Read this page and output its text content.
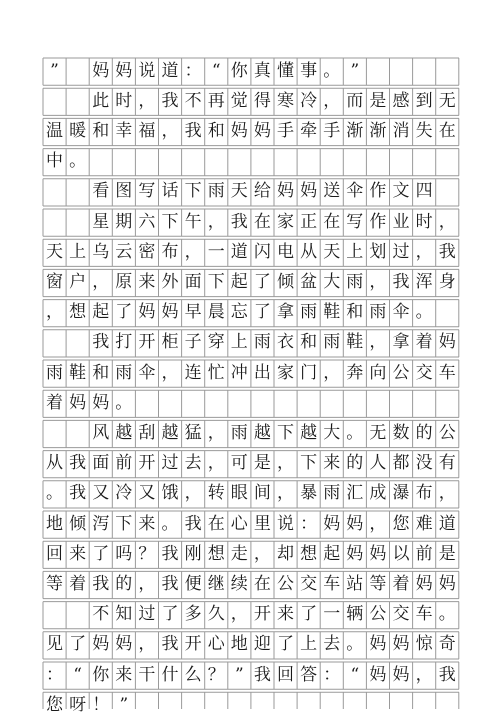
”	妈 妈 说 道 ： “ 你 真 懂 事 。 ”
此 时 ， 我 不 再 觉 得 寒 冷 ， 而 是 感 到 无
温 暖 和 幸 福 ， 我 和 妈 妈 手 牵 手 渐 渐 消 失 在
中 。
看 图 写 话 下 雨 天 给 妈 妈 送 伞 作 文 四
星 期 六 下 午 ， 我 在 家 正 在 写 作 业 时 ，
天 上 乌 云 密 布 ， 一 道 闪 电 从 天 上 划 过 ， 我
窗 户 ， 原 来 外 面 下 起 了 倾 盆 大 雨 ， 我 浑 身
， 想 起 了 妈 妈 早 晨 忘 了 拿 雨 鞋 和 雨 伞 。
我 打 开 柜 子 穿 上 雨 衣 和 雨 鞋 ， 拿 着 妈
雨 鞋 和 雨 伞 ， 连 忙 冲 出 家 门 ， 奔 向 公 交 车
着 妈 妈 。
风 越 刮 越 猛 ， 雨 越 下 越 大 。 无 数 的 公
从 我 面 前 开 过 去 ， 可 是 ， 下 来 的 人 都 没 有
。 我 又 冷 又 饿 ， 转 眼 间 ， 暴 雨 汇 成 瀑 布 ，
地 倾 泻 下 来 。 我 在 心 里 说 ： 妈 妈 ， 您 难 道
回 来 了 吗 ？ 我 刚 想 走 ， 却 想 起 妈 妈 以 前 是
等 着 我 的 ， 我 便 继 续 在 公 交 车 站 等 着 妈 妈
不 知 过 了 多 久 ， 开 来 了 一 辆 公 交 车 。
见 了 妈 妈 ， 我 开 心 地 迎 了 上 去 。 妈 妈 惊 奇
： “ 你 来 干 什 么 ？ ” 我 回 答 ： “ 妈 妈 ， 我
您 呀 ！ ”
